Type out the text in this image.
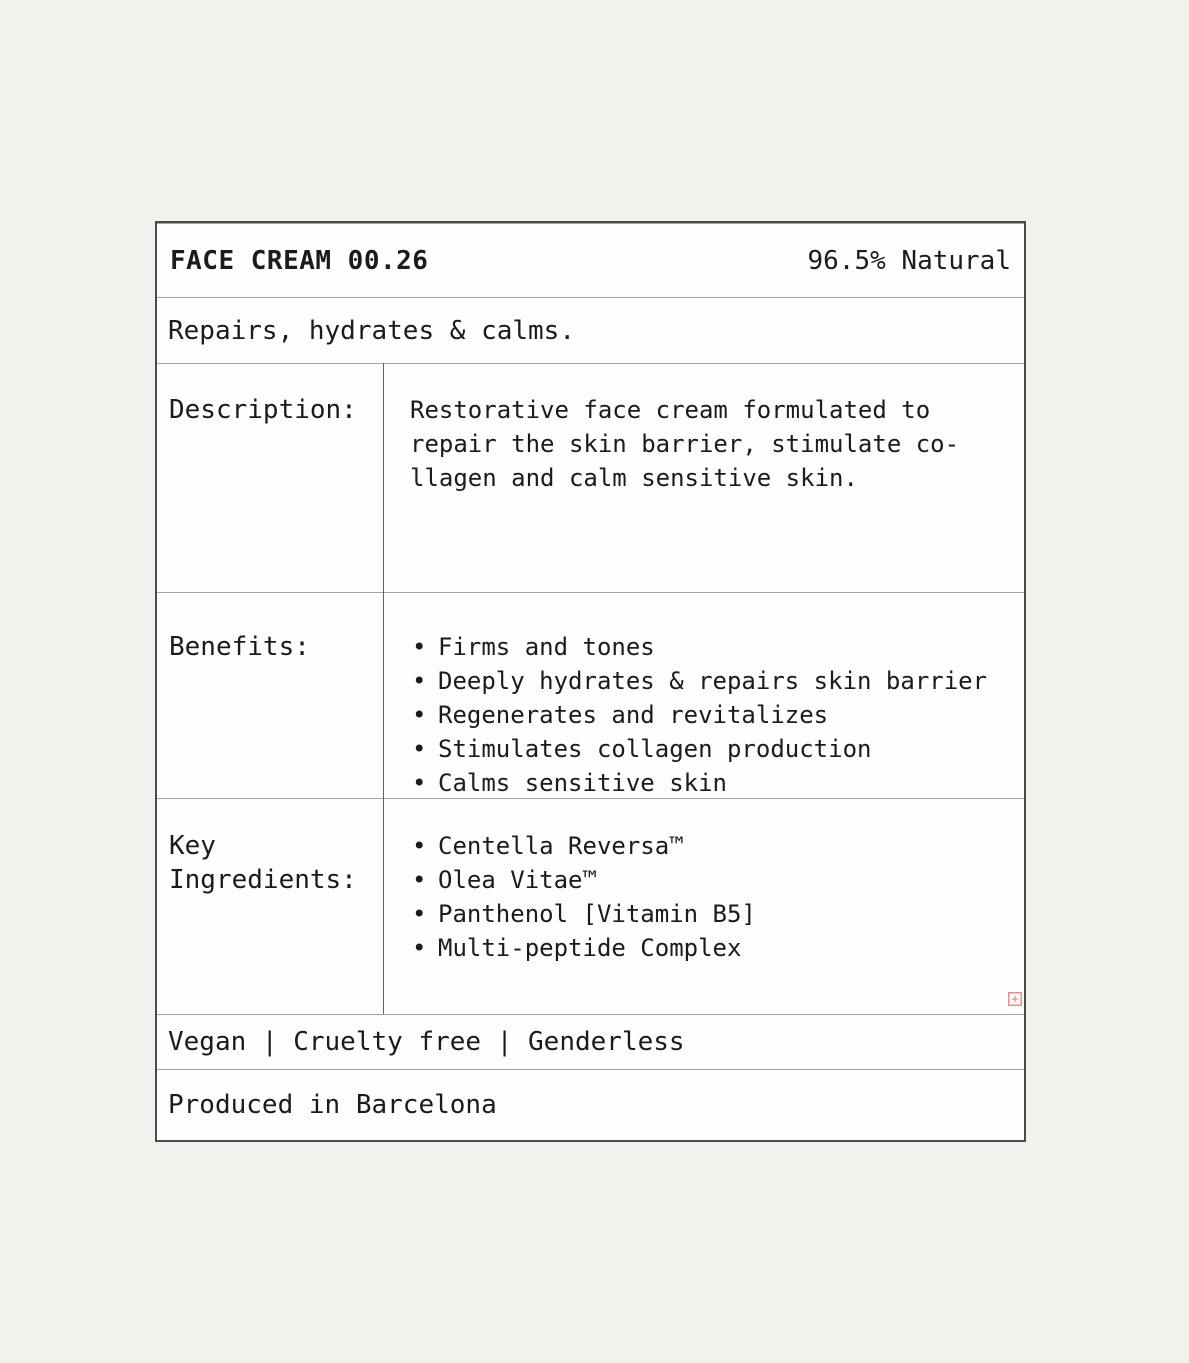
FACE CREAM 00.26	96.5% Natural
Repairs, hydrates & calms.
Description:	Restorative face cream formulated to
repair the skin barrier, stimulate co-
llagen and calm sensitive skin.
Benefits:	• Firms and tones
• Deeply hydrates & repairs skin barrier
• Regenerates and revitalizes
• Stimulates collagen production
• Calms sensitive skin
Key Ingredients:
• Centella Reversa™
• Olea Vitae™
• Panthenol [Vitamin B5]
• Multi-peptide Complex
Vegan | Cruelty free | Genderless
Produced in Barcelona
